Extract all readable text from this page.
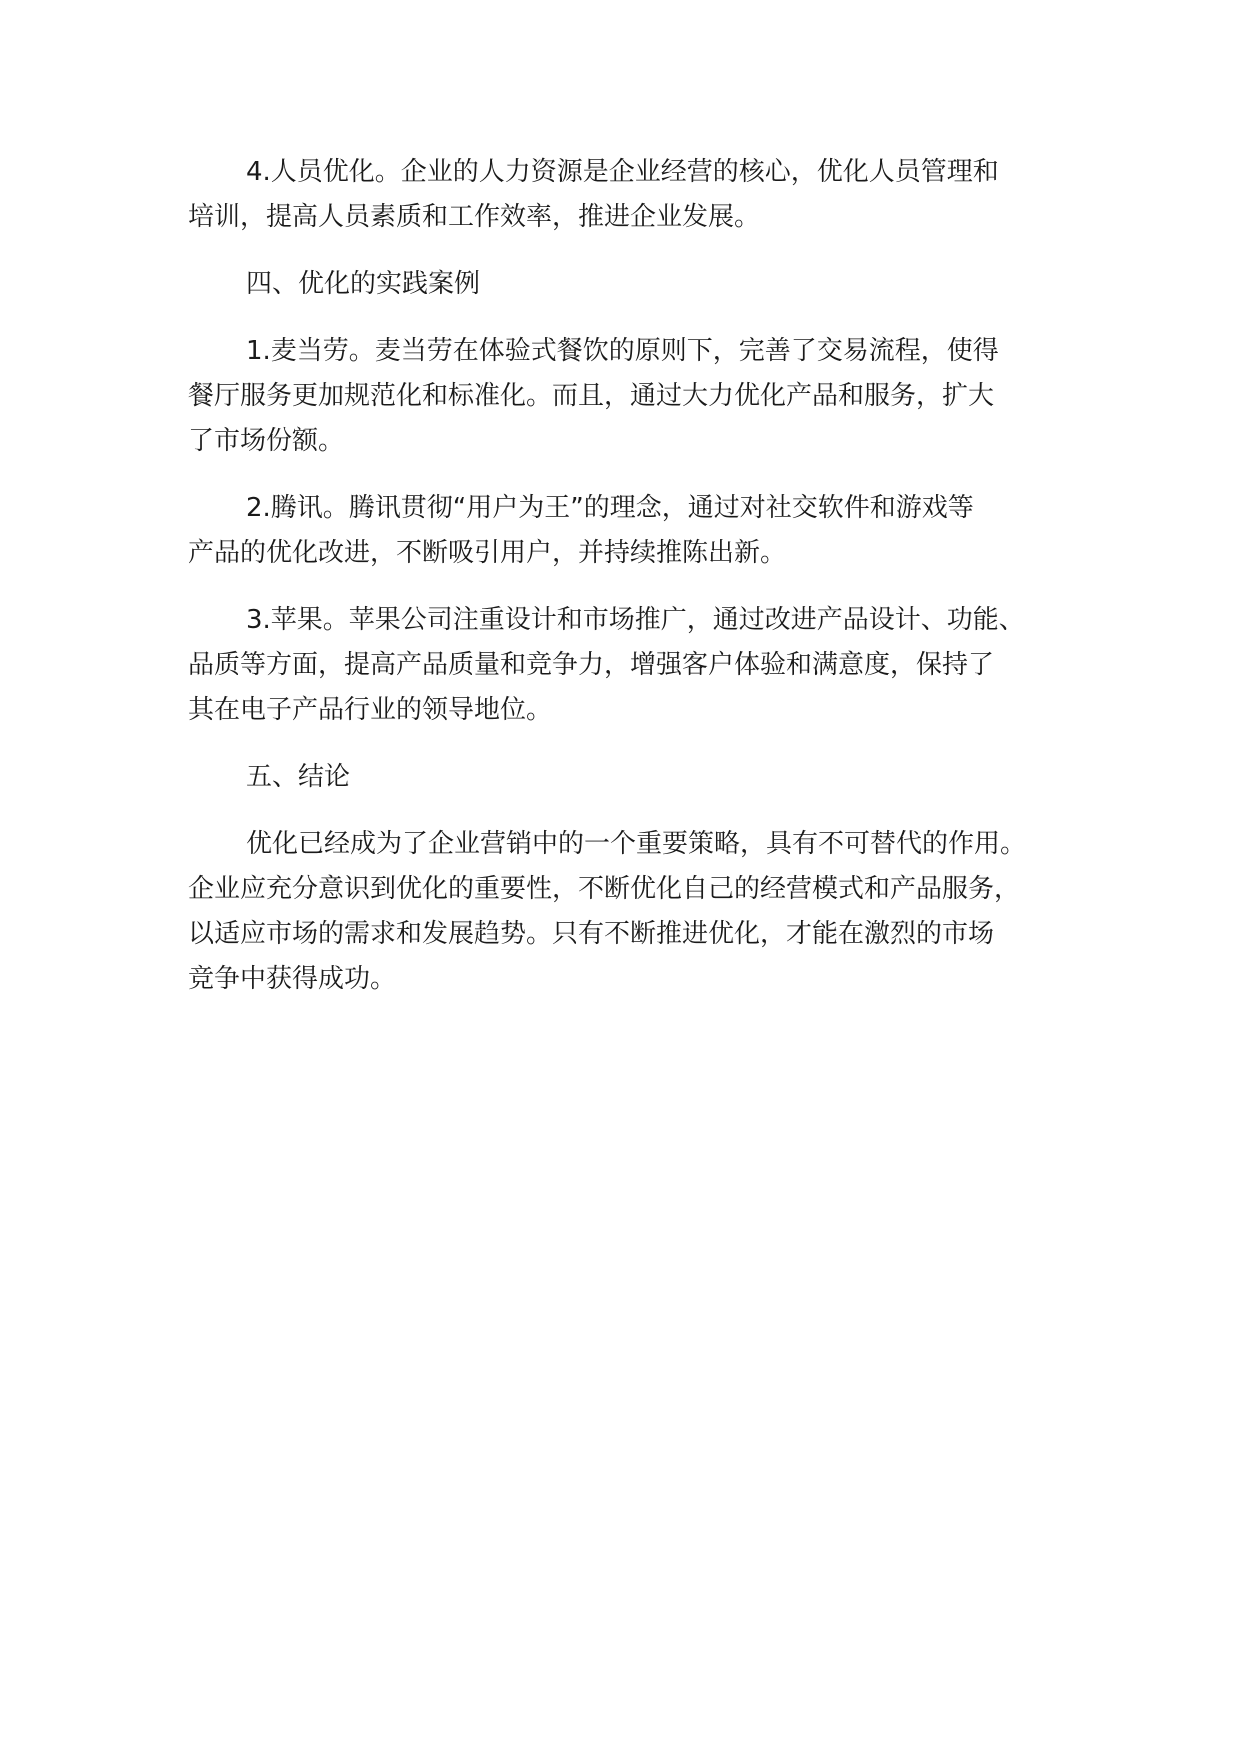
4.人员优化。企业的人力资源是企业经营的核心，优化人员管理和
培训，提高人员素质和工作效率，推进企业发展。
四、优化的实践案例
1.麦当劳。麦当劳在体验式餐饮的原则下，完善了交易流程，使得
餐厅服务更加规范化和标准化。而且，通过大力优化产品和服务，扩大
了市场份额。
2.腾讯。腾讯贯彻“用户为王”的理念，通过对社交软件和游戏等
产品的优化改进，不断吸引用户，并持续推陈出新。
3.苹果。苹果公司注重设计和市场推广，通过改进产品设计、功能、
品质等方面，提高产品质量和竞争力，增强客户体验和满意度，保持了
其在电子产品行业的领导地位。
五、结论
优化已经成为了企业营销中的一个重要策略，具有不可替代的作用。
企业应充分意识到优化的重要性，不断优化自己的经营模式和产品服务，
以适应市场的需求和发展趋势。只有不断推进优化，才能在激烈的市场
竞争中获得成功。
